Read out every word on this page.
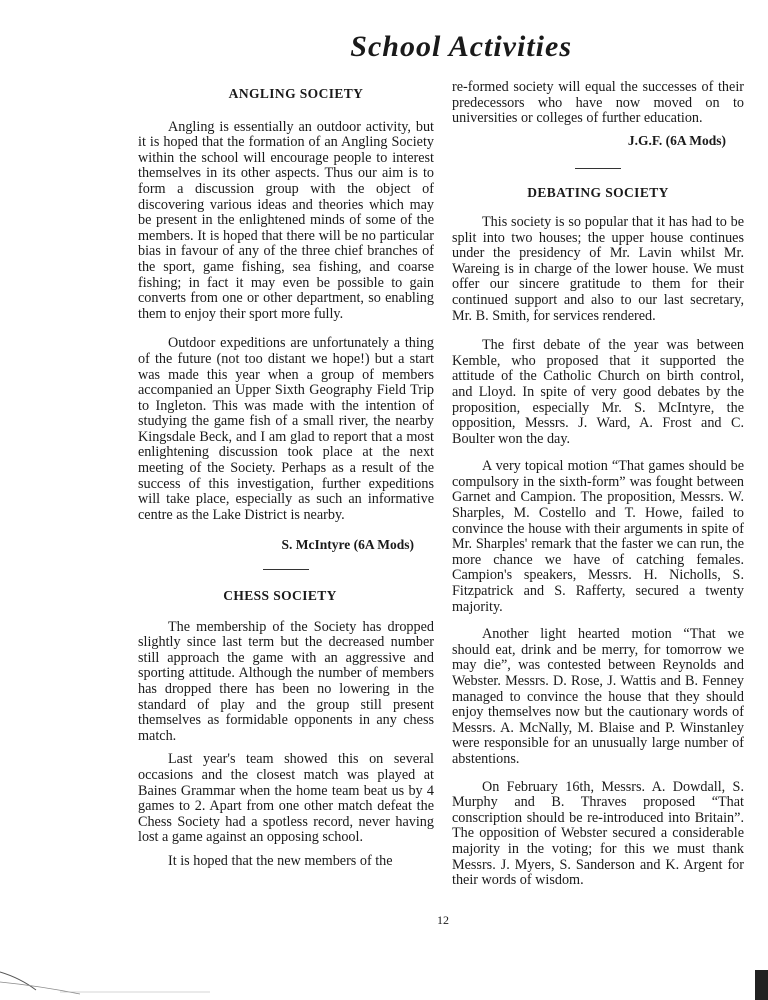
School Activities
ANGLING SOCIETY

Angling is essentially an outdoor activity, but it is hoped that the formation of an Angling Society within the school will encourage people to interest themselves in its other aspects. Thus our aim is to form a discussion group with the object of discovering various ideas and theories which may be present in the enlightened minds of some of the members. It is hoped that there will be no particular bias in favour of any of the three chief branches of the sport, game fishing, sea fishing, and coarse fishing; in fact it may even be possible to gain converts from one or other department, so enabling them to enjoy their sport more fully.

Outdoor expeditions are unfortunately a thing of the future (not too distant we hope!) but a start was made this year when a group of members accompanied an Upper Sixth Geography Field Trip to Ingleton. This was made with the intention of studying the game fish of a small river, the nearby Kingsdale Beck, and I am glad to report that a most enlightening discussion took place at the next meeting of the Society. Perhaps as a result of the success of this investigation, further expeditions will take place, especially as such an informative centre as the Lake District is nearby.

S. McIntyre (6A Mods)

CHESS SOCIETY

The membership of the Society has dropped slightly since last term but the decreased number still approach the game with an aggressive and sporting attitude. Although the number of members has dropped there has been no lowering in the standard of play and the group still present themselves as formidable opponents in any chess match.

Last year's team showed this on several occasions and the closest match was played at Baines Grammar when the home team beat us by 4 games to 2. Apart from one other match defeat the Chess Society had a spotless record, never having lost a game against an opposing school.

It is hoped that the new members of the

re-formed society will equal the successes of their predecessors who have now moved on to universities or colleges of further education.

J.G.F. (6A Mods)

DEBATING SOCIETY

This society is so popular that it has had to be split into two houses; the upper house continues under the presidency of Mr. Lavin whilst Mr. Wareing is in charge of the lower house. We must offer our sincere gratitude to them for their continued support and also to our last secretary, Mr. B. Smith, for services rendered.

The first debate of the year was between Kemble, who proposed that it supported the attitude of the Catholic Church on birth control, and Lloyd. In spite of very good debates by the proposition, especially Mr. S. McIntyre, the opposition, Messrs. J. Ward, A. Frost and C. Boulter won the day.

A very topical motion “That games should be compulsory in the sixth-form” was fought between Garnet and Campion. The proposition, Messrs. W. Sharples, M. Costello and T. Howe, failed to convince the house with their arguments in spite of Mr. Sharples' remark that the faster we can run, the more chance we have of catching females. Campion's speakers, Messrs. H. Nicholls, S. Fitzpatrick and S. Rafferty, secured a twenty majority.

Another light hearted motion “That we should eat, drink and be merry, for tomorrow we may die”, was contested between Reynolds and Webster. Messrs. D. Rose, J. Wattis and B. Fenney managed to convince the house that they should enjoy themselves now but the cautionary words of Messrs. A. McNally, M. Blaise and P. Winstanley were responsible for an unusually large number of abstentions.

On February 16th, Messrs. A. Dowdall, S. Murphy and B. Thraves proposed “That conscription should be re-introduced into Britain”. The opposition of Webster secured a considerable majority in the voting; for this we must thank Messrs. J. Myers, S. Sanderson and K. Argent for their words of wisdom.

12
